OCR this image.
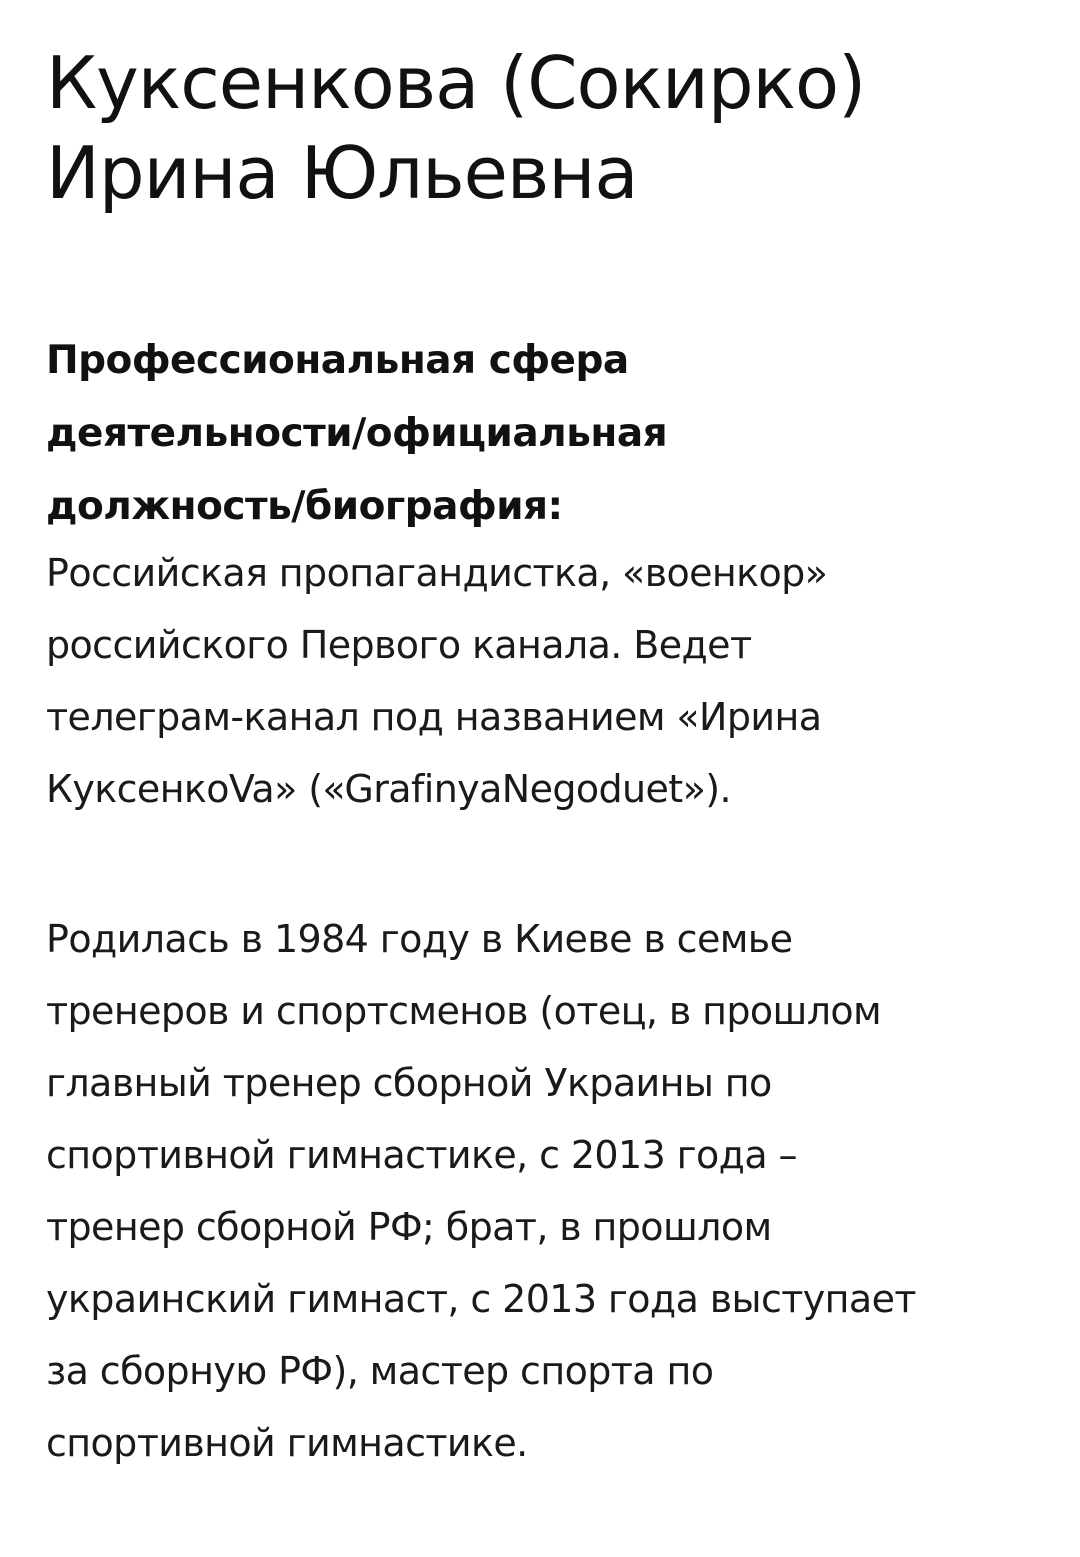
Куксенкова (Сокирко)
Ирина Юльевна
Профессиональная сфера
деятельности/официальная
должность/биография:

Российская пропагандистка, «военкор»
российского Первого канала. Ведет
телеграм-канал под названием «Ирина
КуксенкоVa» («GrafinyaNegoduet»).

Родилась в 1984 году в Киеве в семье
тренеров и спортсменов (отец, в прошлом
главный тренер сборной Украины по
спортивной гимнастике, с 2013 года –
тренер сборной РФ; брат, в прошлом
украинский гимнаст, с 2013 года выступает
за сборную РФ), мастер спорта по
спортивной гимнастике.
